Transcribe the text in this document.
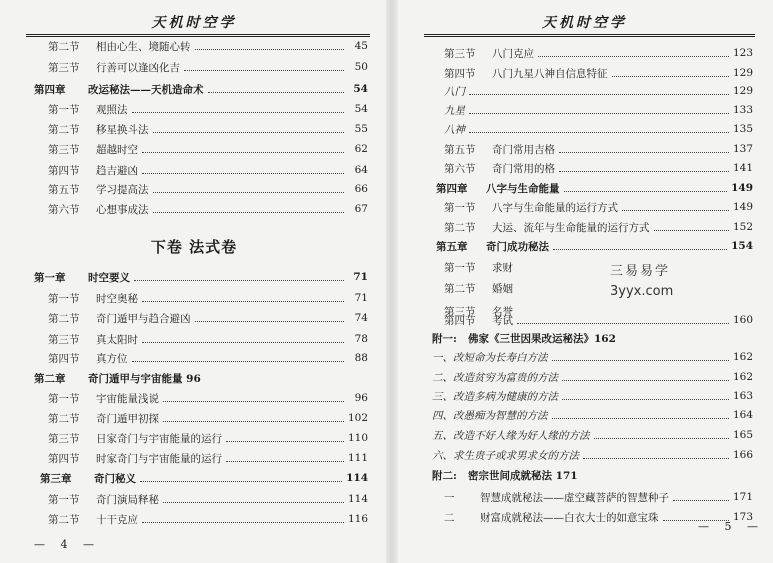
天机时空学
第二节	相由心生、境随心转	45
第三节	行善可以逢凶化吉	50
第四章	改运秘法——天机造命术	54
第一节	观照法	54
第二节	移星换斗法	55
第三节	超越时空	62
第四节	趋吉避凶	64
第五节	学习提高法	66
第六节	心想事成法	67
第一章	时空要义	71
第一节	时空奥秘	71
第二节	奇门遁甲与趋合避凶	74
第三节	真太阳时	78
第四节	真方位	88
第二章	奇门遁甲与宇宙能量 96
第一节	宇宙能量浅说	96
第二节	奇门遁甲初探	102
第三节	日家奇门与宇宙能量的运行	110
第四节	时家奇门与宇宙能量的运行	111
第三章	奇门秘义	114
第一节	奇门演局释秘	114
第二节	十干克应	116
下卷 法式卷
— 4 —
天机时空学
第三节	八门克应	123
第四节	八门九星八神自信息特征	129
八门	129
九星	133
八神	135
第五节	奇门常用吉格	137
第六节	奇门常用的格	141
第四章	八字与生命能量	149
第一节	八字与生命能量的运行方式	149
第二节	大运、流年与生命能量的运行方式	152
第五章	奇门成功秘法	154
第一节	求财
第二节	婚姻
第三节	名誉
第四节	考试	160
附一:	佛家《三世因果改运秘法》162
一、改短命为长寿白方法	162
二、改造贫穷为富贵的方法	162
三、改造多病为健康的方法	163
四、改愚痴为智慧的方法	164
五、改造不好人缘为好人缘的方法	165
六、求生贵子或求男求女的方法	166
附二:	密宗世间成就秘法 171
一	智慧成就秘法——虚空藏菩萨的智慧种子	171
二	财富成就秘法——白衣大士的如意宝珠	173
三易易学
3yyx.com
— 5 —
